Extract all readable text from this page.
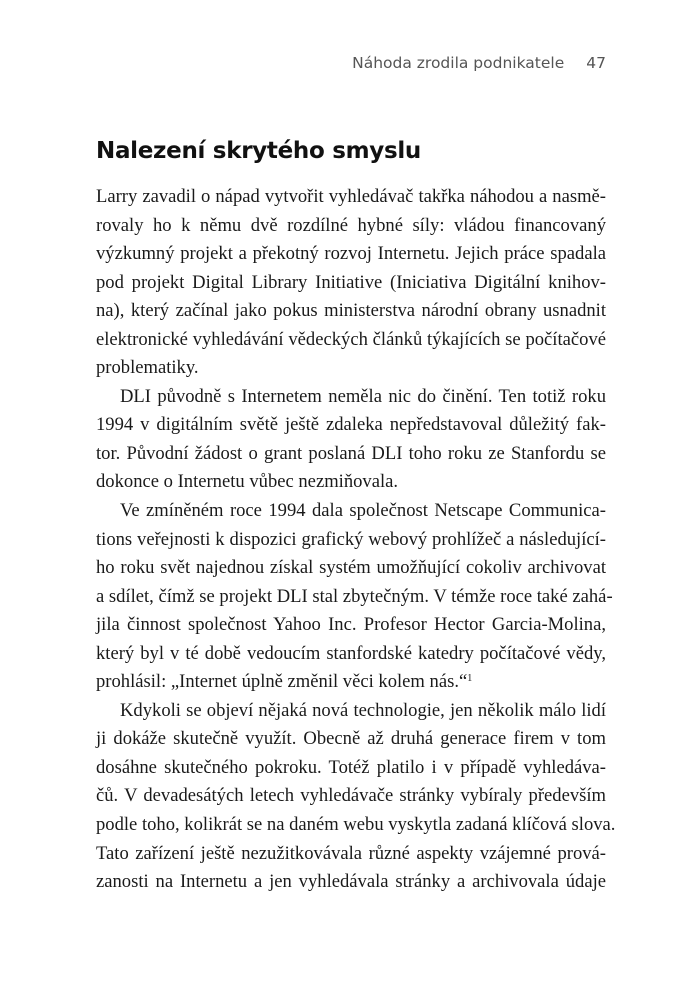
Náhoda zrodila podnikatele 47
Nalezení skrytého smyslu
Larry zavadil o nápad vytvořit vyhledávač takřka náhodou a nasmě-
rovaly ho k němu dvě rozdílné hybné síly: vládou financovaný
výzkumný projekt a překotný rozvoj Internetu. Jejich práce spadala
pod projekt Digital Library Initiative (Iniciativa Digitální knihov-
na), který začínal jako pokus ministerstva národní obrany usnadnit
elektronické vyhledávání vědeckých článků týkajících se počítačové
problematiky.
DLI původně s Internetem neměla nic do činění. Ten totiž roku
1994 v digitálním světě ještě zdaleka nepředstavoval důležitý fak-
tor. Původní žádost o grant poslaná DLI toho roku ze Stanfordu se
dokonce o Internetu vůbec nezmiňovala.
Ve zmíněném roce 1994 dala společnost Netscape Communica-
tions veřejnosti k dispozici grafický webový prohlížeč a následující-
ho roku svět najednou získal systém umožňující cokoliv archivovat
a sdílet, čímž se projekt DLI stal zbytečným. V témže roce také zahá-
jila činnost společnost Yahoo Inc. Profesor Hector Garcia-Molina,
který byl v té době vedoucím stanfordské katedry počítačové vědy,
prohlásil: „Internet úplně změnil věci kolem nás.“$^1$
Kdykoli se objeví nějaká nová technologie, jen několik málo lidí
ji dokáže skutečně využít. Obecně až druhá generace firem v tom
dosáhne skutečného pokroku. Totéž platilo i v případě vyhledáva-
čů. V devadesátých letech vyhledávače stránky vybíraly především
podle toho, kolikrát se na daném webu vyskytla zadaná klíčová slova.
Tato zařízení ještě nezužitkovávala různé aspekty vzájemné prová-
zanosti na Internetu a jen vyhledávala stránky a archivovala údaje
